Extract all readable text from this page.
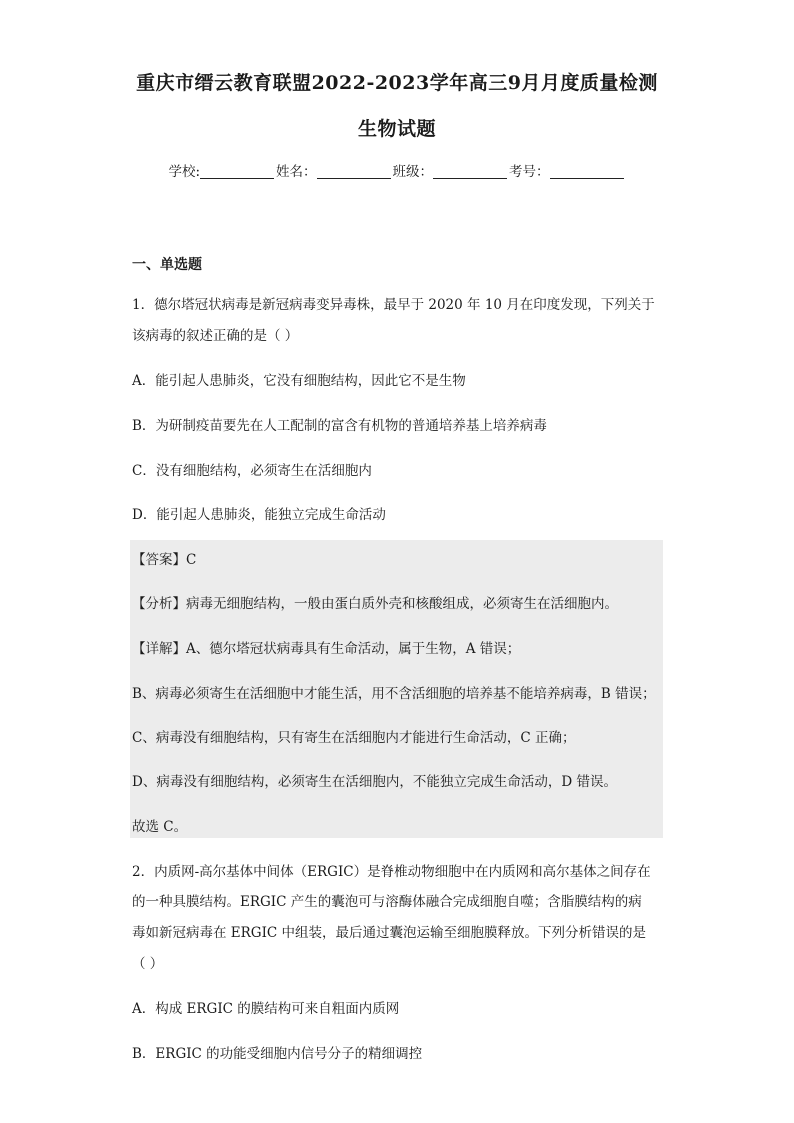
重庆市缙云教育联盟2022-2023学年高三9月月度质量检测
生物试题
学校:	姓名：	班级：	考号：
一、单选题
1．德尔塔冠状病毒是新冠病毒变异毒株，最早于 2020 年 10 月在印度发现，下列关于
该病毒的叙述正确的是（ ）
A．能引起人患肺炎，它没有细胞结构，因此它不是生物
B．为研制疫苗要先在人工配制的富含有机物的普通培养基上培养病毒
C．没有细胞结构，必须寄生在活细胞内
D．能引起人患肺炎，能独立完成生命活动
【答案】C
【分析】病毒无细胞结构，一般由蛋白质外壳和核酸组成，必须寄生在活细胞内。
【详解】A、德尔塔冠状病毒具有生命活动，属于生物，A 错误；
B、病毒必须寄生在活细胞中才能生活，用不含活细胞的培养基不能培养病毒，B 错误；
C、病毒没有细胞结构，只有寄生在活细胞内才能进行生命活动，C 正确；
D、病毒没有细胞结构，必须寄生在活细胞内，不能独立完成生命活动，D 错误。
故选 C。
2．内质网-高尔基体中间体（ERGIC）是脊椎动物细胞中在内质网和高尔基体之间存在
的一种具膜结构。ERGIC 产生的囊泡可与溶酶体融合完成细胞自噬；含脂膜结构的病
毒如新冠病毒在 ERGIC 中组装，最后通过囊泡运输至细胞膜释放。下列分析错误的是
（ ）
A．构成 ERGIC 的膜结构可来自粗面内质网
B．ERGIC 的功能受细胞内信号分子的精细调控
